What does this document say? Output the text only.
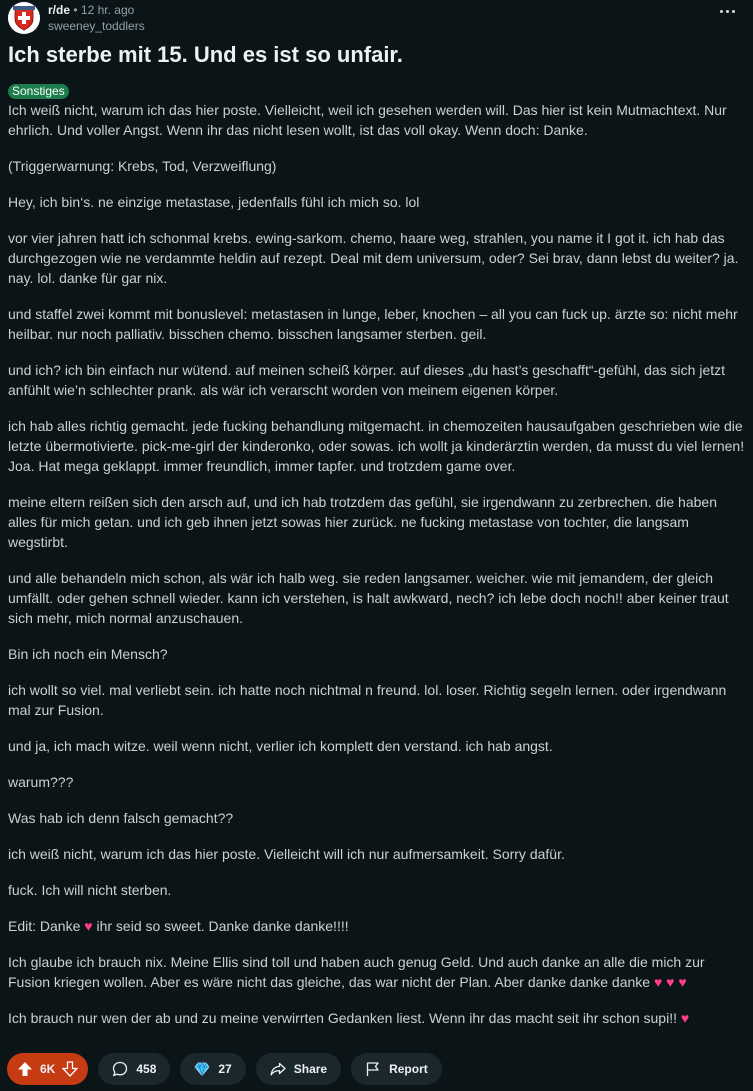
r/de • 12 hr. ago
sweeney_toddlers
Ich sterbe mit 15. Und es ist so unfair.
Sonstiges

Ich weiß nicht, warum ich das hier poste. Vielleicht, weil ich gesehen werden will. Das hier ist kein Mutmachtext. Nur ehrlich. Und voller Angst. Wenn ihr das nicht lesen wollt, ist das voll okay. Wenn doch: Danke.

(Triggerwarnung: Krebs, Tod, Verzweiflung)

Hey, ich bin‘s. ne einzige metastase, jedenfalls fühl ich mich so. lol

vor vier jahren hatt ich schonmal krebs. ewing-sarkom. chemo, haare weg, strahlen, you name it I got it. ich hab das durchgezogen wie ne verdammte heldin auf rezept. Deal mit dem universum, oder? Sei brav, dann lebst du weiter? ja. nay. lol. danke für gar nix.

und staffel zwei kommt mit bonuslevel: metastasen in lunge, leber, knochen – all you can fuck up. ärzte so: nicht mehr heilbar. nur noch palliativ. bisschen chemo. bisschen langsamer sterben. geil.

und ich? ich bin einfach nur wütend. auf meinen scheiß körper. auf dieses „du hast’s geschafft“-gefühl, das sich jetzt anfühlt wie’n schlechter prank. als wär ich verarscht worden von meinem eigenen körper.

ich hab alles richtig gemacht. jede fucking behandlung mitgemacht. in chemozeiten hausaufgaben geschrieben wie die letzte übermotivierte. pick-me-girl der kinderonko, oder sowas. ich wollt ja kinderärztin werden, da musst du viel lernen! Joa. Hat mega geklappt. immer freundlich, immer tapfer. und trotzdem game over.

meine eltern reißen sich den arsch auf, und ich hab trotzdem das gefühl, sie irgendwann zu zerbrechen. die haben alles für mich getan. und ich geb ihnen jetzt sowas hier zurück. ne fucking metastase von tochter, die langsam wegstirbt.

und alle behandeln mich schon, als wär ich halb weg. sie reden langsamer. weicher. wie mit jemandem, der gleich umfällt. oder gehen schnell wieder. kann ich verstehen, is halt awkward, nech? ich lebe doch noch!! aber keiner traut sich mehr, mich normal anzuschauen.

Bin ich noch ein Mensch?

ich wollt so viel. mal verliebt sein. ich hatte noch nichtmal n freund. lol. loser. Richtig segeln lernen. oder irgendwann mal zur Fusion.

und ja, ich mach witze. weil wenn nicht, verlier ich komplett den verstand. ich hab angst.

warum???

Was hab ich denn falsch gemacht??

ich weiß nicht, warum ich das hier poste. Vielleicht will ich nur aufmersamkeit. Sorry dafür.

fuck. Ich will nicht sterben.

Edit: Danke ♥ ihr seid so sweet. Danke danke danke!!!!

Ich glaube ich brauch nix. Meine Ellis sind toll und haben auch genug Geld. Und auch danke an alle die mich zur Fusion kriegen wollen. Aber es wäre nicht das gleiche, das war nicht der Plan. Aber danke danke danke ♥ ♥ ♥

Ich brauch nur wen der ab und zu meine verwirrten Gedanken liest. Wenn ihr das macht seit ihr schon supi!! ♥

6K	458	27	Share	Report
